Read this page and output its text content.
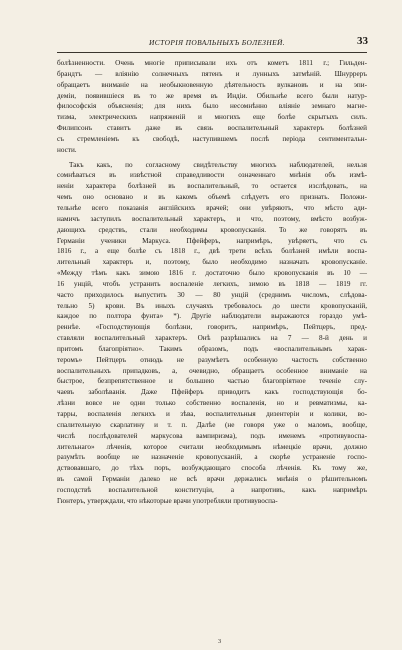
ИСТОРІЯ ПОВАЛЬНЫХЪ БОЛЕЗНЕЙ.	33
болѣзненности. Очень многіе приписывали ихъ отъ кометъ 1811 г.; Гильден-
брандтъ — вліянію солнечныхъ пятенъ и лунныхъ затмѣній. Шнурреръ
обращаетъ вниманіе на необыкновенную дѣятельность вулкановъ и на эпи-
деміи, появившіеся въ то же время въ Индіи. Обильнѣе всего были натур-
философскія объясненія; для нихъ было несомнѣнно вліяніе земнаго магне-
тизма, электрическихъ напряженій и многихъ еще болѣе скрытыхъ силъ.
Филипсонъ ставитъ даже въ связь воспалительный характеръ болѣзней
съ стремленіемъ къ свободѣ, наступившемъ послѣ періода сентиментальн-
ности.
Такъ какъ, по согласному свидѣтельству многихъ наблюдателей, нельзя
сомнѣваться въ извѣстной справедливости означеннаго мнѣнія объ измѣ-
неніи характера болѣзней въ воспалительный, то остается изслѣдовать, на
чемъ оно основано и въ какомъ объемѣ слѣдуетъ его признать. Положи-
тельнѣе всего показанія англійскихъ врачей; они увѣряютъ, что мѣсто ади-
намичъ заступилъ воспалительный характеръ, и что, поэтому, вмѣсто возбуж-
дающихъ средствъ, стали необходимы кровопусканія. То же говорятъ въ
Германіи ученики Маркуса. Пфейферъ, напримѣръ, увѣряетъ, что съ
1816 г., а еще болѣе съ 1818 г., двѣ трети всѣхъ болѣзней имѣли воспа-
лительный характеръ и, поэтому, было необходимо назначать кровопусканіе.
«Между тѣмъ какъ зимою 1816 г. достаточно было кровопусканія въ 10 —
16 унцій, чтобъ устранить воспаленіе легкихъ, зимою въ 1818 — 1819 гг.
часто приходилось выпустить 30 — 80 унцій (среднимъ числомъ, слѣдова-
тельно 5) крови. Въ иныхъ случаяхъ требовалось до шести кровопусканій,
каждое по полтора фунта» *). Другіе наблюдатели выражаются гораздо умѣ-
реннѣе. «Господствующія болѣзни, говоритъ, напримѣръ, Пейтцеръ, пред-
ставляли воспалительный характеръ. Онѣ разрѣшались на 7 — 8-й день и
притомъ благопріятно». Такимъ образомъ, подъ «воспалительнымъ харак-
теромъ» Пейтцеръ отнюдь не разумѣетъ особенную частость собственно
воспалительныхъ припадковъ, а, очевидно, обращаетъ особенное вниманіе на
быстрое, безпрепятственное и большею частью благопріятное теченіе слу-
чаевъ заболѣванія. Даже Пфейферъ приводитъ какъ господствующія бо-
лѣзни вовсе не одни только собственно воспаленія, но и ревматизмы, ка-
тарры, воспаленія легкихъ и зѣва, воспалительныя дизентеріи и колики, во-
спалительную скарлатину и т. п. Далѣе (не говоря уже о маломъ, вообще,
числѣ послѣдователей маркусова вампиризма), подъ именемъ «противувоспа-
лительнаго» лѣченія, которое считали необходимымъ нѣмецкіе врачи, должно
разумѣть вообще не назначеніе кровопусканій, а скорѣе устраненіе госпо-
дствовавшаго, до тѣхъ поръ, возбуждающаго способа лѣченія. Къ тому же,
въ самой Германіи далеко не всѣ врачи держались мнѣнія о рѣшительномъ
господствѣ воспалительной конституціи, а напротивъ, какъ напримѣръ
Гюнтеръ, утверждали, что нѣкоторые врачи употребляли противувоспа-
3
